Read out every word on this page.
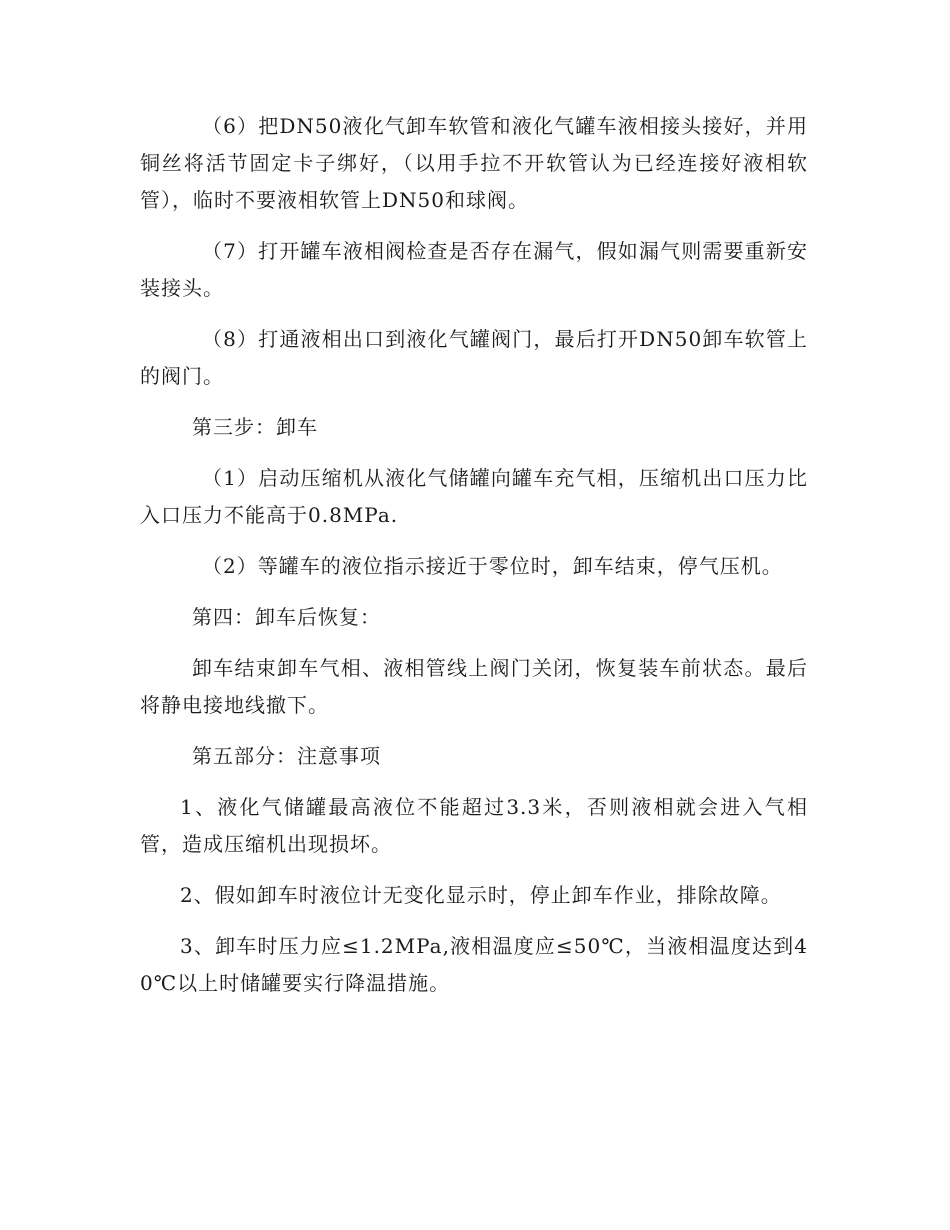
（6）把DN50液化气卸车软管和液化气罐车液相接头接好，并用铜丝将活节固定卡子绑好，（以用手拉不开软管认为已经连接好液相软管），临时不要液相软管上DN50和球阀。

（7）打开罐车液相阀检查是否存在漏气，假如漏气则需要重新安装接头。

（8）打通液相出口到液化气罐阀门，最后打开DN50卸车软管上的阀门。

第三步：卸车

（1）启动压缩机从液化气储罐向罐车充气相，压缩机出口压力比入口压力不能高于0.8MPa.

（2）等罐车的液位指示接近于零位时，卸车结束，停气压机。

第四：卸车后恢复：

卸车结束卸车气相、液相管线上阀门关闭，恢复装车前状态。最后将静电接地线撤下。

第五部分：注意事项

1、液化气储罐最高液位不能超过3.3米，否则液相就会进入气相管，造成压缩机出现损坏。

2、假如卸车时液位计无变化显示时，停止卸车作业，排除故障。

3、卸车时压力应≤1.2MPa,液相温度应≤50℃，当液相温度达到40℃以上时储罐要实行降温措施。
